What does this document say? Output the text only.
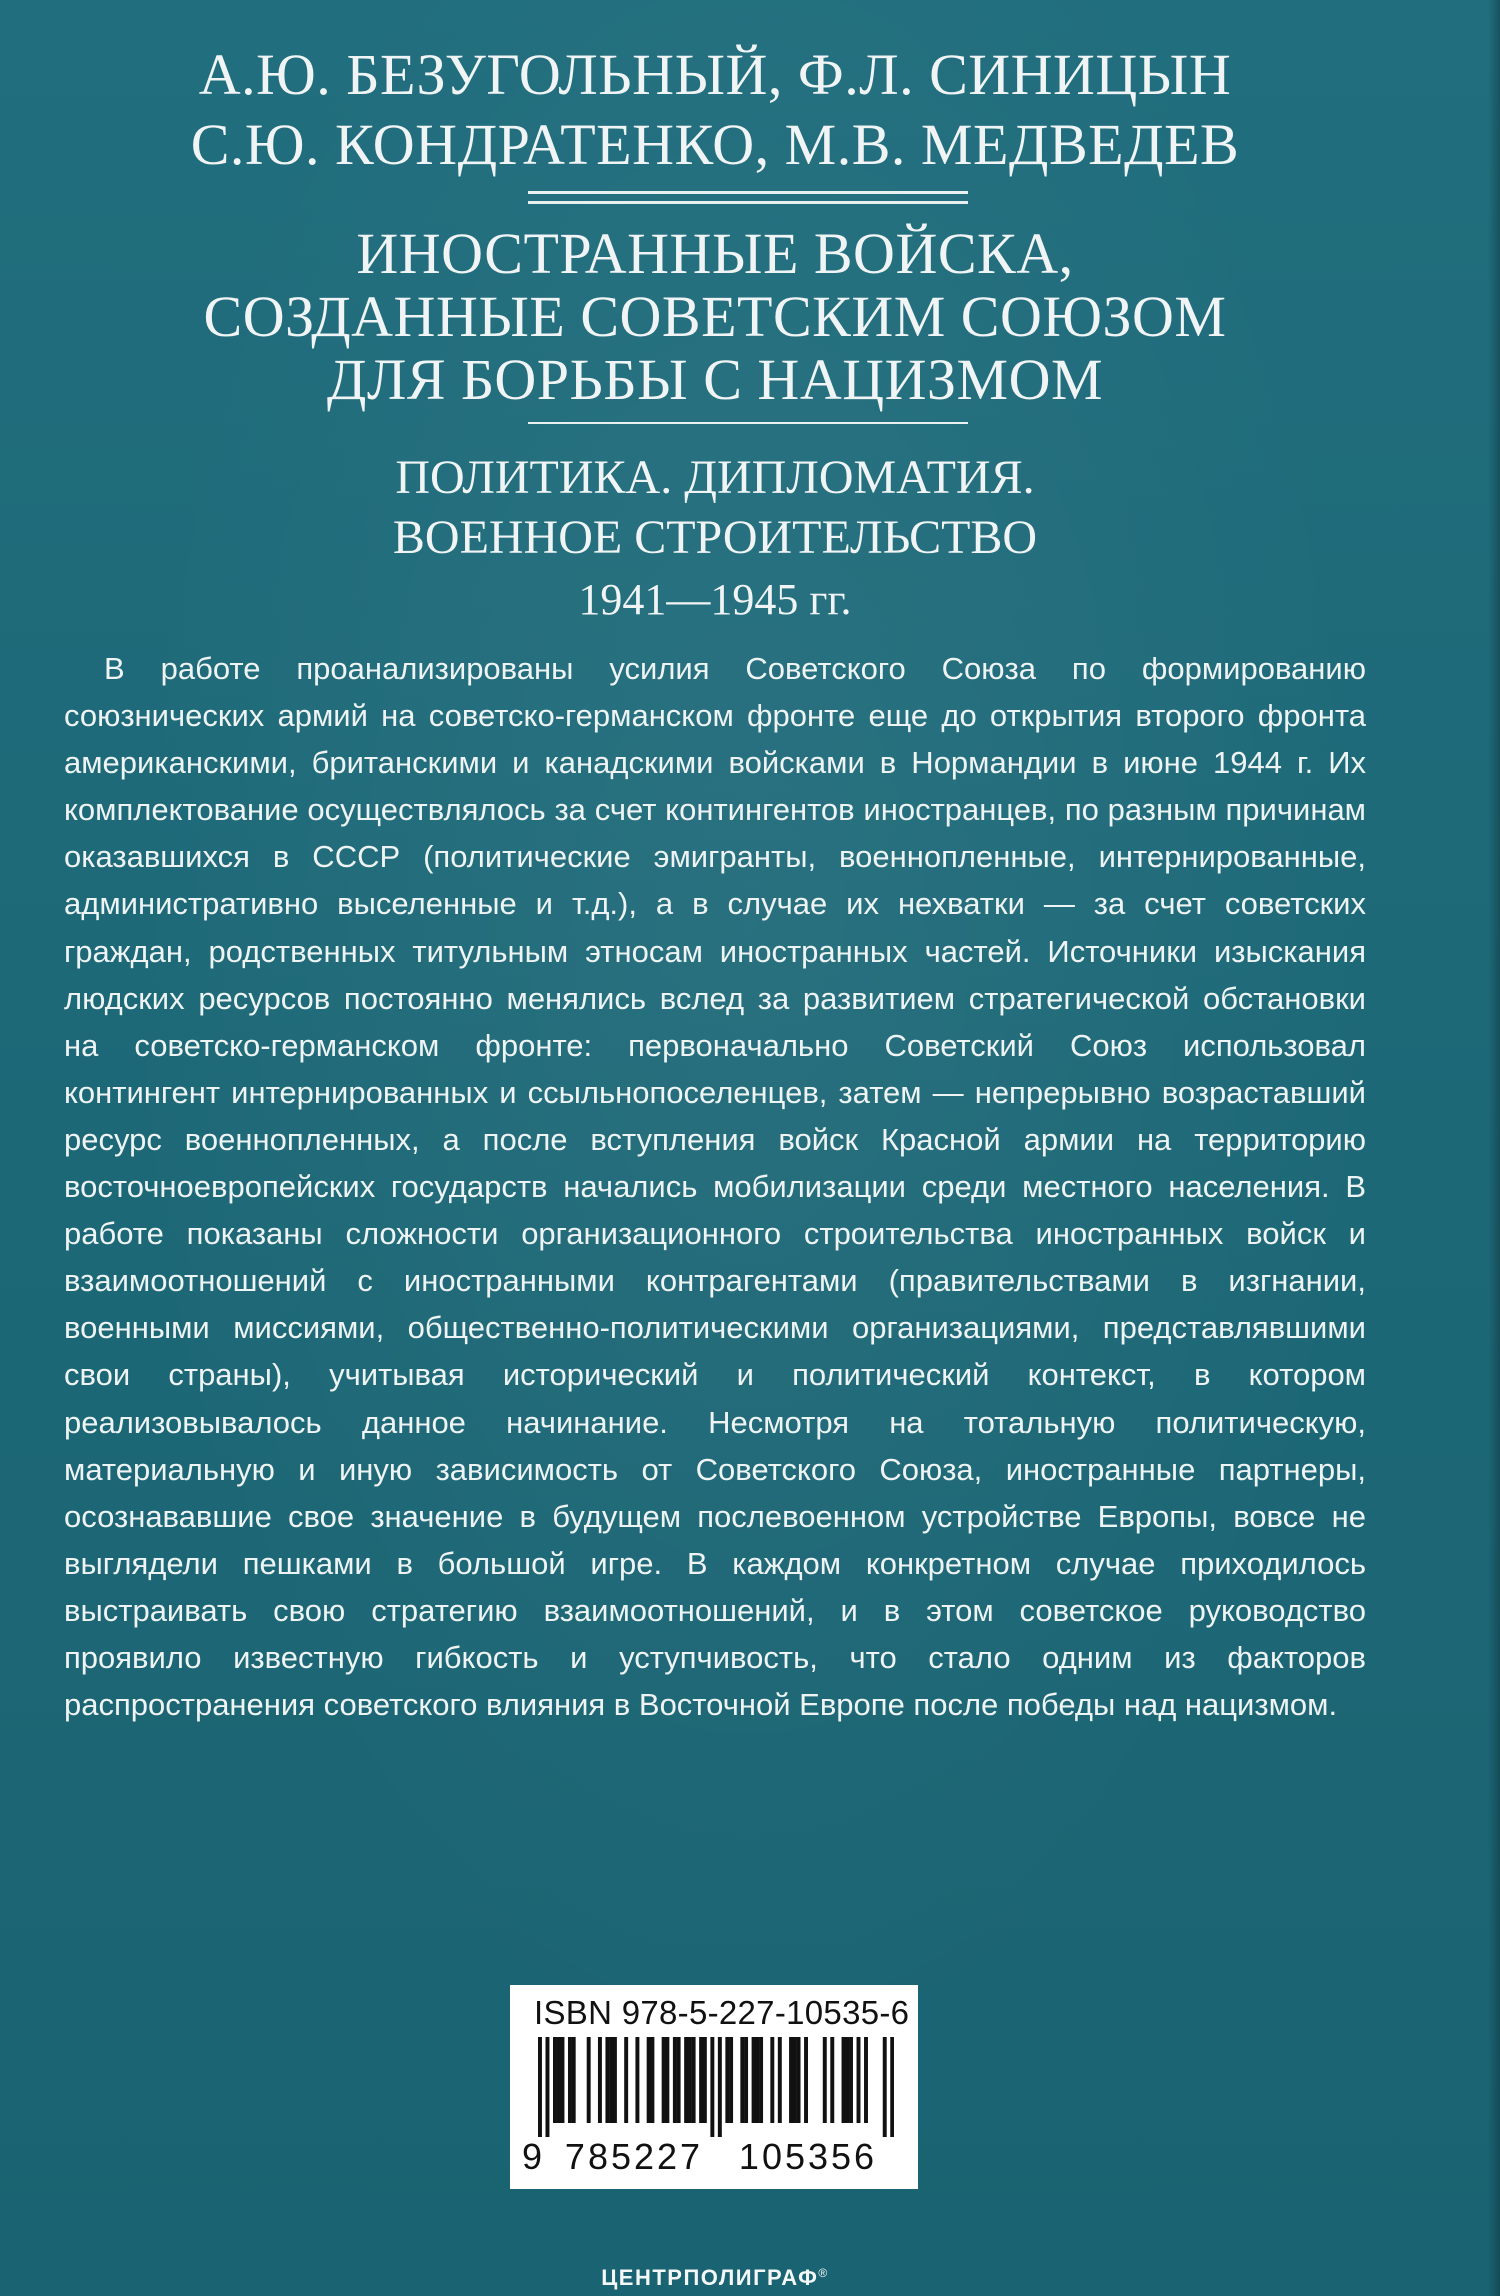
А.Ю. БЕЗУГОЛЬНЫЙ, Ф.Л. СИНИЦЫН
С.Ю. КОНДРАТЕНКО, М.В. МЕДВЕДЕВ
ИНОСТРАННЫЕ ВОЙСКА,
СОЗДАННЫЕ СОВЕТСКИМ СОЮЗОМ
ДЛЯ БОРЬБЫ С НАЦИЗМОМ
ПОЛИТИКА. ДИПЛОМАТИЯ.
ВОЕННОЕ СТРОИТЕЛЬСТВО
1941—1945 гг.

В работе проанализированы усилия Советского Союза по формированию союзнических армий на советско-германском фронте еще до открытия второго фронта американскими, британскими и канадскими войсками в Нормандии в июне 1944 г. Их комплектование осуществлялось за счет контингентов иностранцев, по разным причинам оказавшихся в СССР (политические эмигранты, военнопленные, интернированные, административно выселенные и т.д.), а в случае их нехватки — за счет советских граждан, родственных титульным этносам иностранных частей. Источники изыскания людских ресурсов постоянно менялись вслед за развитием стратегической обстановки на советско-германском фронте: первоначально Советский Союз использовал контингент интернированных и ссыльнопоселенцев, затем — непрерывно возраставший ресурс военнопленных, а после вступления войск Красной армии на территорию восточноевропейских государств начались мобилизации среди местного населения. В работе показаны сложности организационного строительства иностранных войск и взаимоотношений с иностранными контрагентами (правительствами в изгнании, военными миссиями, общественно-политическими организациями, представлявшими свои страны), учитывая исторический и политический контекст, в котором реализовывалось данное начинание. Несмотря на тотальную политическую, материальную и иную зависимость от Советского Союза, иностранные партнеры, осознававшие свое значение в будущем послевоенном устройстве Европы, вовсе не выглядели пешками в большой игре. В каждом конкретном случае приходилось выстраивать свою стратегию взаимоотношений, и в этом советское руководство проявило известную гибкость и уступчивость, что стало одним из факторов распространения советского влияния в Восточной Европе после победы над нацизмом.

ISBN 978-5-227-10535-6
9 785227 105356
ЦЕНТРПОЛИГРАФ®
